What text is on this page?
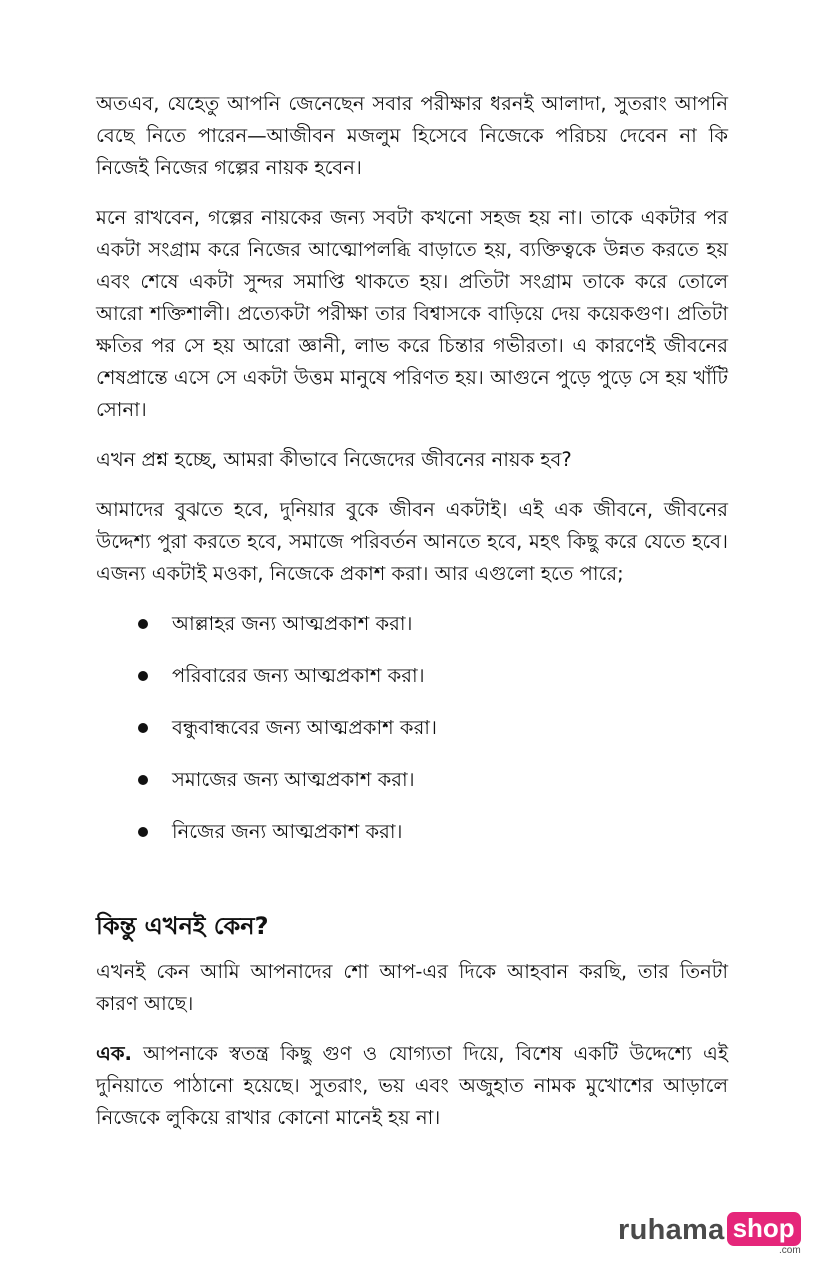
অতএব, যেহেতু আপনি জেনেছেন সবার পরীক্ষার ধরনই আলাদা, সুতরাং আপনি বেছে নিতে পারেন—আজীবন মজলুম হিসেবে নিজেকে পরিচয় দেবেন না কি নিজেই নিজের গল্পের নায়ক হবেন।

মনে রাখবেন, গল্পের নায়কের জন্য সবটা কখনো সহজ হয় না। তাকে একটার পর একটা সংগ্রাম করে নিজের আত্মোপলব্ধি বাড়াতে হয়, ব্যক্তিত্বকে উন্নত করতে হয় এবং শেষে একটা সুন্দর সমাপ্তি থাকতে হয়। প্রতিটা সংগ্রাম তাকে করে তোলে আরো শক্তিশালী। প্রত্যেকটা পরীক্ষা তার বিশ্বাসকে বাড়িয়ে দেয় কয়েকগুণ। প্রতিটা ক্ষতির পর সে হয় আরো জ্ঞানী, লাভ করে চিন্তার গভীরতা। এ কারণেই জীবনের শেষপ্রান্তে এসে সে একটা উত্তম মানুষে পরিণত হয়। আগুনে পুড়ে পুড়ে সে হয় খাঁটি সোনা।

এখন প্রশ্ন হচ্ছে, আমরা কীভাবে নিজেদের জীবনের নায়ক হব?

আমাদের বুঝতে হবে, দুনিয়ার বুকে জীবন একটাই। এই এক জীবনে, জীবনের উদ্দেশ্য পুরা করতে হবে, সমাজে পরিবর্তন আনতে হবে, মহৎ কিছু করে যেতে হবে। এজন্য একটাই মওকা, নিজেকে প্রকাশ করা। আর এগুলো হতে পারে;

আল্লাহর জন্য আত্মপ্রকাশ করা।
পরিবারের জন্য আত্মপ্রকাশ করা।
বন্ধুবান্ধবের জন্য আত্মপ্রকাশ করা।
সমাজের জন্য আত্মপ্রকাশ করা।
নিজের জন্য আত্মপ্রকাশ করা।
কিন্তু এখনই কেন?

এখনই কেন আমি আপনাদের শো আপ-এর দিকে আহবান করছি, তার তিনটা কারণ আছে।

এক. আপনাকে স্বতন্ত্র কিছু গুণ ও যোগ্যতা দিয়ে, বিশেষ একটি উদ্দেশ্যে এই দুনিয়াতে পাঠানো হয়েছে। সুতরাং, ভয় এবং অজুহাত নামক মুখোশের আড়ালে নিজেকে লুকিয়ে রাখার কোনো মানেই হয় না।

ruhama shop
.com
